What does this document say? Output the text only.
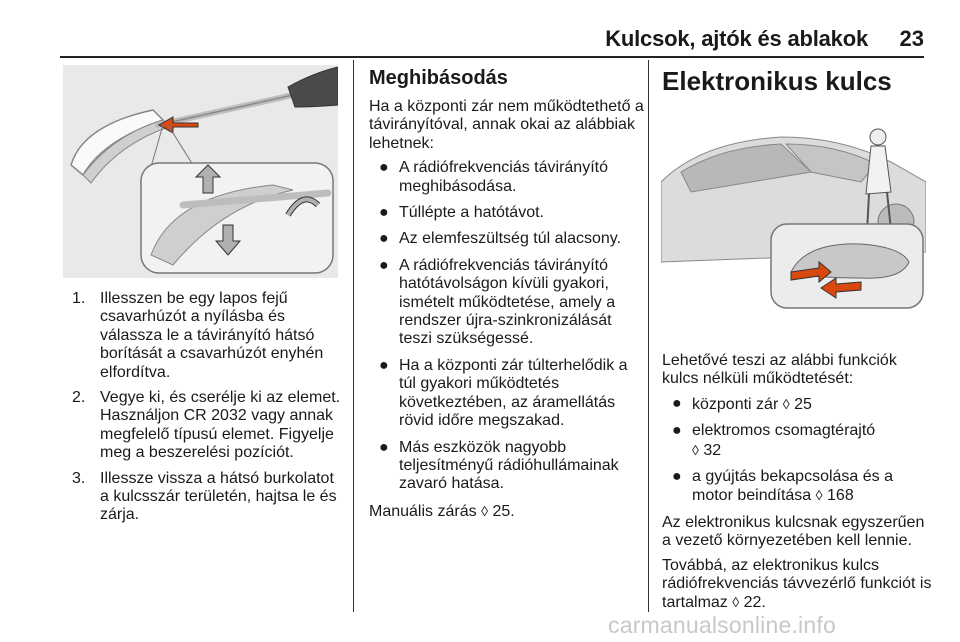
Kulcsok, ajtók és ablakok 23
1. Illesszen be egy lapos fejű csavarhúzót a nyílásba és válassza le a távirányító hátsó borítását a csavarhúzót enyhén elfordítva.
2. Vegye ki, és cserélje ki az elemet. Használjon CR 2032 vagy annak megfelelő típusú elemet. Figyelje meg a beszerelési pozíciót.
3. Illessze vissza a hátsó burkolatot a kulcsszár területén, hajtsa le és zárja.
Meghibásodás

Ha a központi zár nem működtethető a távirányítóval, annak okai az alábbiak lehetnek:

● A rádiófrekvenciás távirányító meghibásodása.
● Túllépte a hatótávot.
● Az elemfeszültség túl alacsony.
● A rádiófrekvenciás távirányító hatótávolságon kívüli gyakori, ismételt működtetése, amely a rendszer újra-szinkronizálását teszi szükségessé.
● Ha a központi zár túlterhelődik a túl gyakori működtetés következtében, az áramellátás rövid időre megszakad.
● Más eszközök nagyobb teljesítményű rádióhullámainak zavaró hatása.

Manuális zárás ◊ 25.

Elektronikus kulcs

Lehetővé teszi az alábbi funkciók kulcs nélküli működtetését:

● központi zár ◊ 25
● elektromos csomagtérajtó
◊ 32
● a gyújtás bekapcsolása és a motor beindítása ◊ 168

Az elektronikus kulcsnak egyszerűen a vezető környezetében kell lennie.

Továbbá, az elektronikus kulcs rádiófrekvenciás távvezérlő funkciót is tartalmaz ◊ 22.

carmanualsonline.info
